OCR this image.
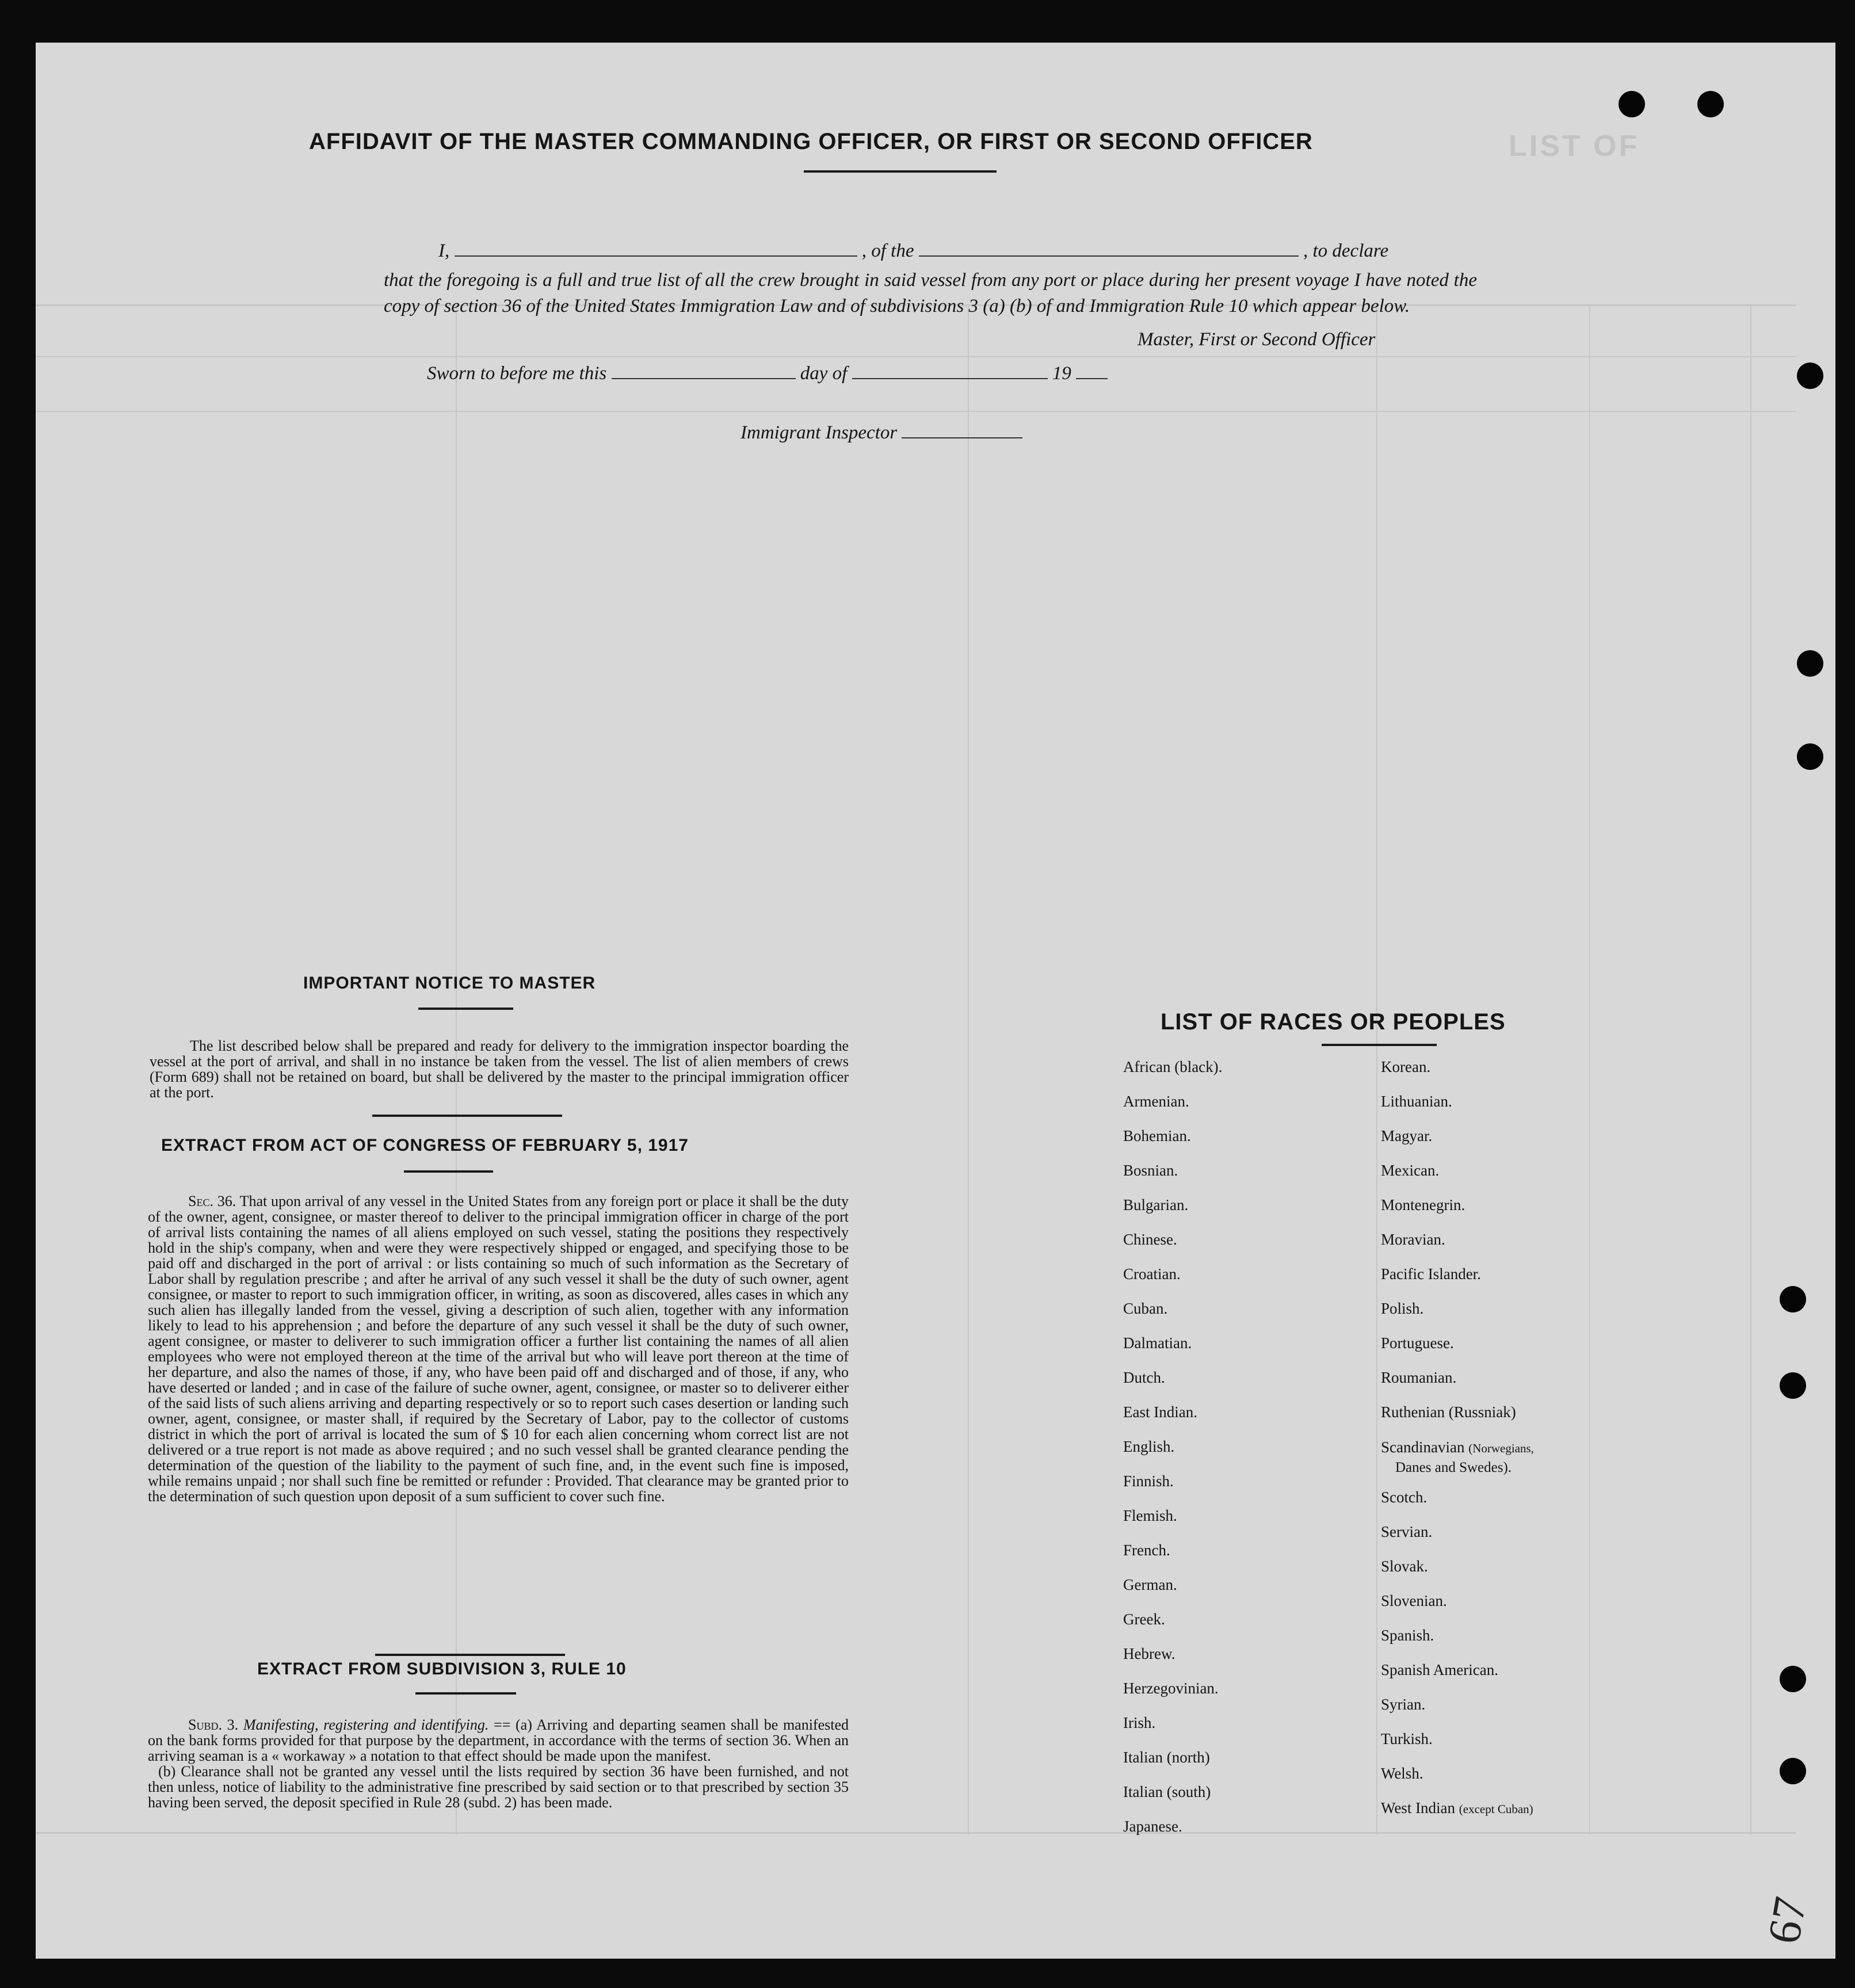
LIST OF
AFFIDAVIT OF THE MASTER COMMANDING OFFICER, OR FIRST OR SECOND OFFICER
I,	, of the	, to declare
that the foregoing is a full and true list of all the crew brought in said vessel from any port or place during her present voyage I have noted the copy of section 36 of the United States Immigration Law and of subdivisions 3 (a) (b) of and Immigration Rule 10 which appear below.
Master, First or Second Officer
Sworn to before me this	day of	19
Immigrant Inspector
IMPORTANT NOTICE TO MASTER
The list described below shall be prepared and ready for delivery to the immigration inspector boarding the vessel at the port of arrival, and shall in no instance be taken from the vessel. The list of alien members of crews (Form 689) shall not be retained on board, but shall be delivered by the master to the principal immigration officer at the port.
EXTRACT FROM ACT OF CONGRESS OF FEBRUARY 5, 1917
Sec. 36. That upon arrival of any vessel in the United States from any foreign port or place it shall be the duty of the owner, agent, consignee, or master thereof to deliver to the principal immigration officer in charge of the port of arrival lists containing the names of all aliens employed on such vessel, stating the positions they respectively hold in the ship's company, when and were they were respectively shipped or engaged, and specifying those to be paid off and discharged in the port of arrival : or lists containing so much of such information as the Secretary of Labor shall by regulation prescribe ; and after he arrival of any such vessel it shall be the duty of such owner, agent consignee, or master to report to such immigration officer, in writing, as soon as discovered, alles cases in which any such alien has illegally landed from the vessel, giving a description of such alien, together with any information likely to lead to his apprehension ; and before the departure of any such vessel it shall be the duty of such owner, agent consignee, or master to deliverer to such immigration officer a further list containing the names of all alien employees who were not employed thereon at the time of the arrival but who will leave port thereon at the time of her departure, and also the names of those, if any, who have been paid off and discharged and of those, if any, who have deserted or landed ; and in case of the failure of suche owner, agent, consignee, or master so to deliverer either of the said lists of such aliens arriving and departing respectively or so to report such cases desertion or landing such owner, agent, consignee, or master shall, if required by the Secretary of Labor, pay to the collector of customs district in which the port of arrival is located the sum of $ 10 for each alien concerning whom correct list are not delivered or a true report is not made as above required ; and no such vessel shall be granted clearance pending the determination of the question of the liability to the payment of such fine, and, in the event such fine is imposed, while remains unpaid ; nor shall such fine be remitted or refunder : Provided. That clearance may be granted prior to the determination of such question upon deposit of a sum sufficient to cover such fine.
EXTRACT FROM SUBDIVISION 3, RULE 10
Subd. 3. Manifesting, registering and identifying. == (a) Arriving and departing seamen shall be manifested on the bank forms provided for that purpose by the department, in accordance with the terms of section 36. When an arriving seaman is a « workaway » a notation to that effect should be made upon the manifest.
(b) Clearance shall not be granted any vessel until the lists required by section 36 have been furnished, and not then unless, notice of liability to the administrative fine prescribed by said section or to that prescribed by section 35 having been served, the deposit specified in Rule 28 (subd. 2) has been made.
LIST OF RACES OR PEOPLES
African (black).
Armenian.
Bohemian.
Bosnian.
Bulgarian.
Chinese.
Croatian.
Cuban.
Dalmatian.
Dutch.
East Indian.
English.
Finnish.
Flemish.
French.
German.
Greek.
Hebrew.
Herzegovinian.
Irish.
Italian (north)
Italian (south)
Japanese.
Korean.
Lithuanian.
Magyar.
Mexican.
Montenegrin.
Moravian.
Pacific Islander.
Polish.
Portuguese.
Roumanian.
Ruthenian (Russniak)
Scandinavian (Norwegians,
Danes and Swedes).
Scotch.
Servian.
Slovak.
Slovenian.
Spanish.
Spanish American.
Syrian.
Turkish.
Welsh.
West Indian (except Cuban)
67
